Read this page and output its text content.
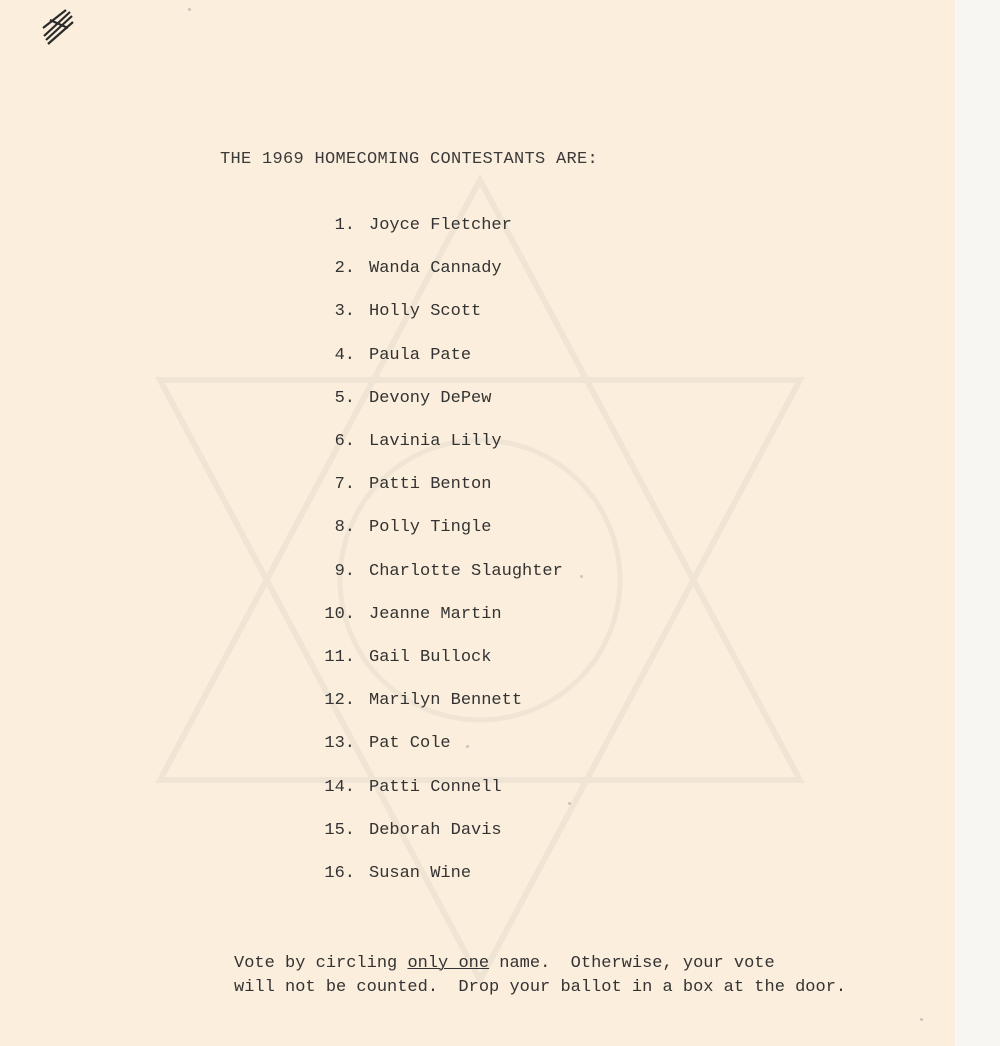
THE 1969 HOMECOMING CONTESTANTS ARE:
1. Joyce Fletcher
2. Wanda Cannady
3. Holly Scott
4. Paula Pate
5. Devony DePew
6. Lavinia Lilly
7. Patti Benton
8. Polly Tingle
9. Charlotte Slaughter
10. Jeanne Martin
11. Gail Bullock
12. Marilyn Bennett
13. Pat Cole
14. Patti Connell
15. Deborah Davis
16. Susan Wine
Vote by circling only one name.  Otherwise, your vote
will not be counted.  Drop your ballot in a box at the door.
